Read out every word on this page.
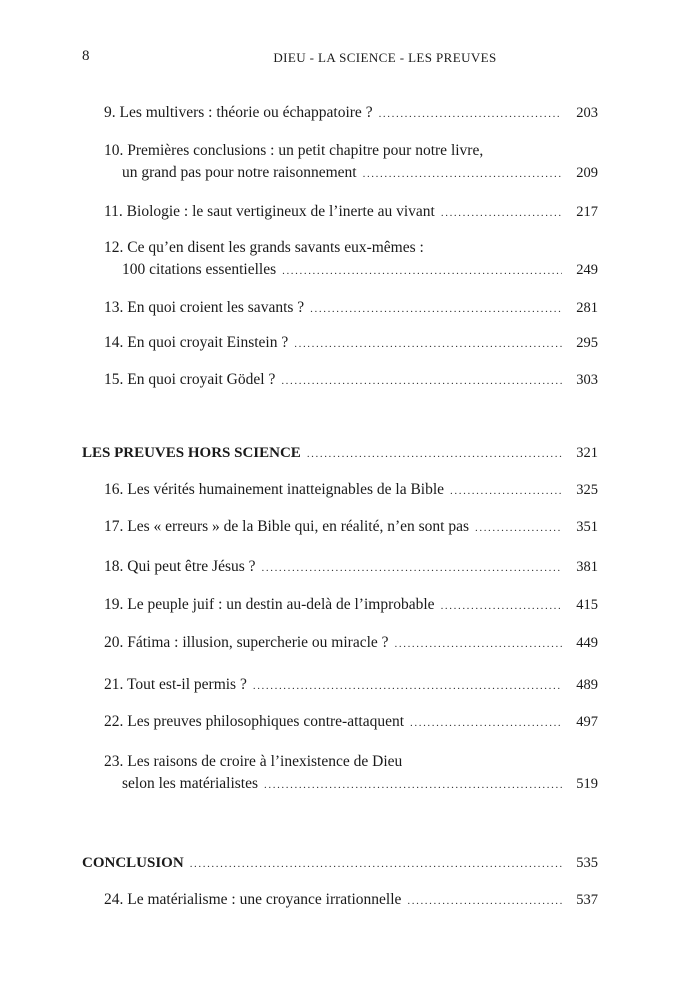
8	DIEU - LA SCIENCE - LES PREUVES
9. Les multivers : théorie ou échappatoire ? .....	203
10. Premières conclusions : un petit chapitre pour notre livre,
un grand pas pour notre raisonnement .....	209
11. Biologie : le saut vertigineux de l’inerte au vivant .....	217
12. Ce qu’en disent les grands savants eux-mêmes :
100 citations essentielles .....	249
13. En quoi croient les savants ? .....	281
14. En quoi croyait Einstein ? .....	295
15. En quoi croyait Gödel ? .....	303
LES PREUVES HORS SCIENCE .....	321
16. Les vérités humainement inatteignables de la Bible .....	325
17. Les « erreurs » de la Bible qui, en réalité, n’en sont pas .....	351
18. Qui peut être Jésus ? .....	381
19. Le peuple juif : un destin au-delà de l’improbable .....	415
20. Fátima : illusion, supercherie ou miracle ? .....	449
21. Tout est-il permis ? .....	489
22. Les preuves philosophiques contre-attaquent .....	497
23. Les raisons de croire à l’inexistence de Dieu
selon les matérialistes .....	519
CONCLUSION .....	535
24. Le matérialisme : une croyance irrationnelle .....	537
